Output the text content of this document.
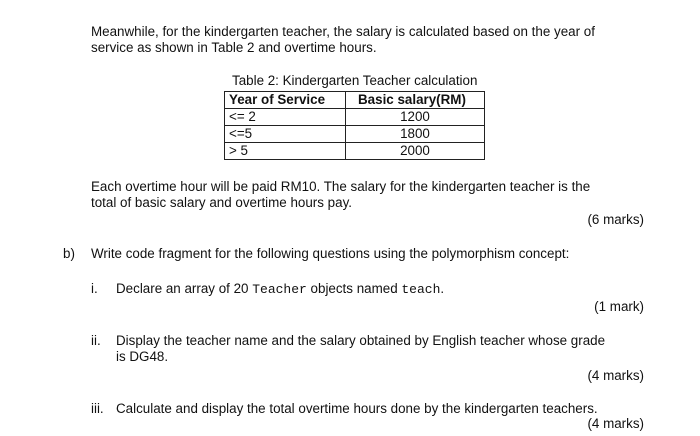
Meanwhile, for the kindergarten teacher, the salary is calculated based on the year of
service as shown in Table 2 and overtime hours.
Table 2: Kindergarten Teacher calculation
Year of Service	Basic salary(RM)
<= 2	1200
<=5	1800
> 5	2000
Each overtime hour will be paid RM10. The salary for the kindergarten teacher is the
total of basic salary and overtime hours pay.
(6 marks)
b) Write code fragment for the following questions using the polymorphism concept:
i. Declare an array of 20 Teacher objects named teach.
(1 mark)
ii. Display the teacher name and the salary obtained by English teacher whose grade
is DG48.
(4 marks)
iii. Calculate and display the total overtime hours done by the kindergarten teachers.
(4 marks)
